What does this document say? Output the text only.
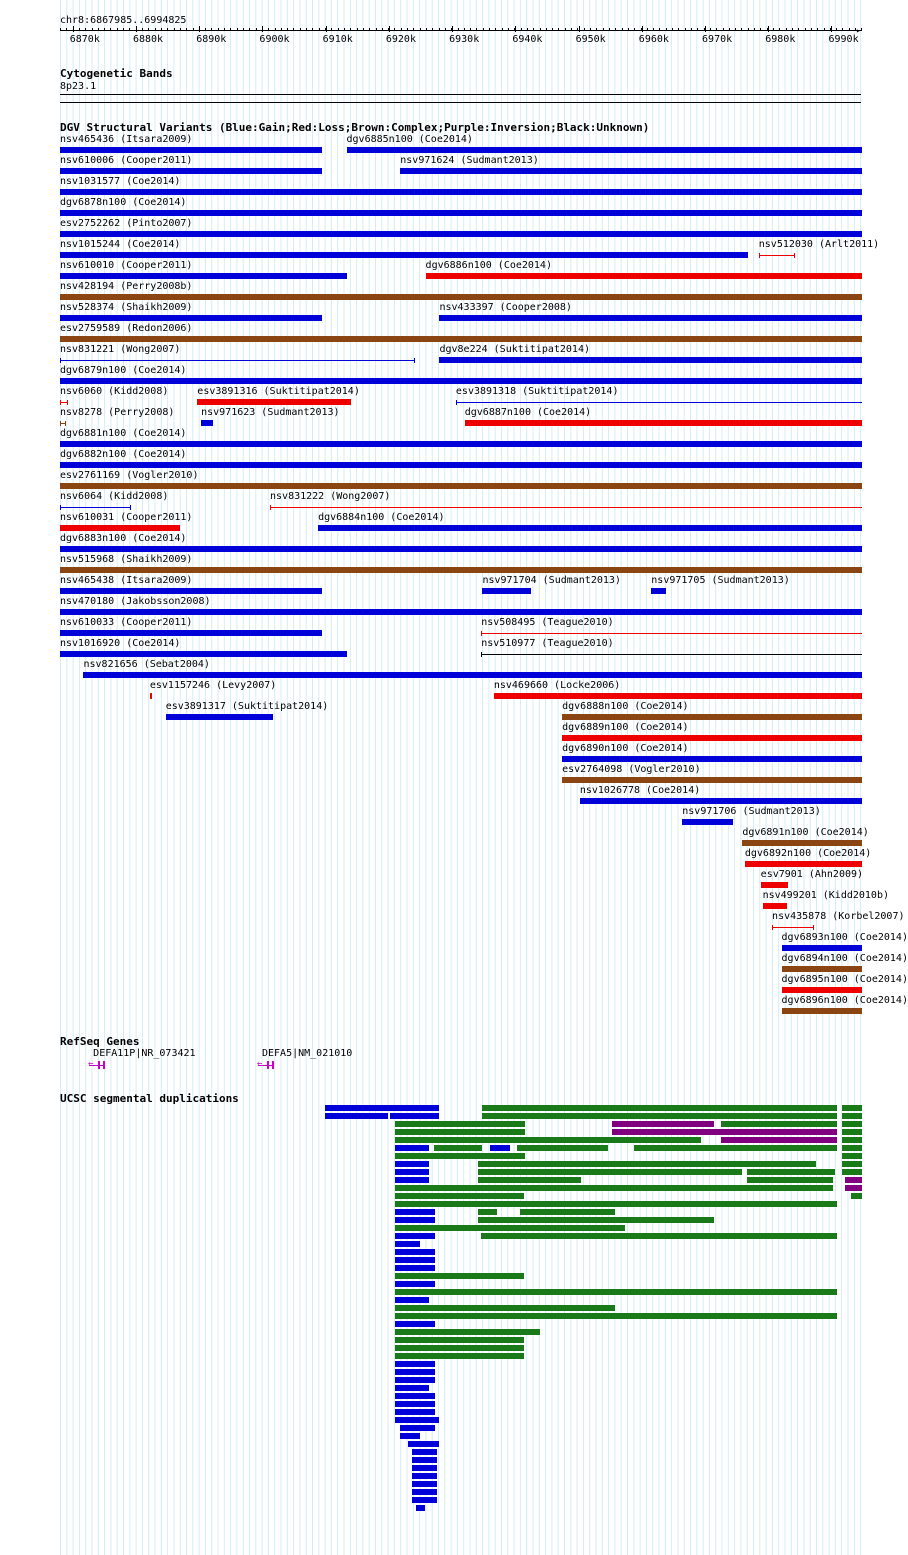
chr8:6867985..6994825
6870k	6880k	6890k	6900k	6910k	6920k	6930k	6940k	6950k	6960k	6970k	6980k	6990k
▸
Cytogenetic Bands
8p23.1
DGV Structural Variants (Blue:Gain;Red:Loss;Brown:Complex;Purple:Inversion;Black:Unknown)
nsv465436 (Itsara2009)	dgv6885n100 (Coe2014)
nsv610006 (Cooper2011)	nsv971624 (Sudmant2013)
nsv1031577 (Coe2014)
dgv6878n100 (Coe2014)
esv2752262 (Pinto2007)
nsv1015244 (Coe2014)	nsv512030 (Arlt2011)
nsv610010 (Cooper2011)	dgv6886n100 (Coe2014)
nsv428194 (Perry2008b)
nsv528374 (Shaikh2009)	nsv433397 (Cooper2008)
esv2759589 (Redon2006)
nsv831221 (Wong2007)	dgv8e224 (Suktitipat2014)
dgv6879n100 (Coe2014)
nsv6060 (Kidd2008)	esv3891316 (Suktitipat2014)	esv3891318 (Suktitipat2014)
nsv8278 (Perry2008)	nsv971623 (Sudmant2013)	dgv6887n100 (Coe2014)
dgv6881n100 (Coe2014)
dgv6882n100 (Coe2014)
esv2761169 (Vogler2010)
nsv6064 (Kidd2008)	nsv831222 (Wong2007)
nsv610031 (Cooper2011)	dgv6884n100 (Coe2014)
dgv6883n100 (Coe2014)
nsv515968 (Shaikh2009)
nsv465438 (Itsara2009)	nsv971704 (Sudmant2013)	nsv971705 (Sudmant2013)
nsv470180 (Jakobsson2008)
nsv610033 (Cooper2011)	nsv508495 (Teague2010)
nsv1016920 (Coe2014)	nsv510977 (Teague2010)
nsv821656 (Sebat2004)
esv1157246 (Levy2007)	nsv469660 (Locke2006)
esv3891317 (Suktitipat2014)	dgv6888n100 (Coe2014)
dgv6889n100 (Coe2014)
dgv6890n100 (Coe2014)
esv2764098 (Vogler2010)
nsv1026778 (Coe2014)
nsv971706 (Sudmant2013)
dgv6891n100 (Coe2014)
dgv6892n100 (Coe2014)
esv7901 (Ahn2009)
nsv499201 (Kidd2010b)
nsv435878 (Korbel2007)
dgv6893n100 (Coe2014)
dgv6894n100 (Coe2014)
dgv6895n100 (Coe2014)
dgv6896n100 (Coe2014)
RefSeq Genes
DEFA11P|NR_073421
←
DEFA5|NM_021010
←
UCSC segmental duplications
